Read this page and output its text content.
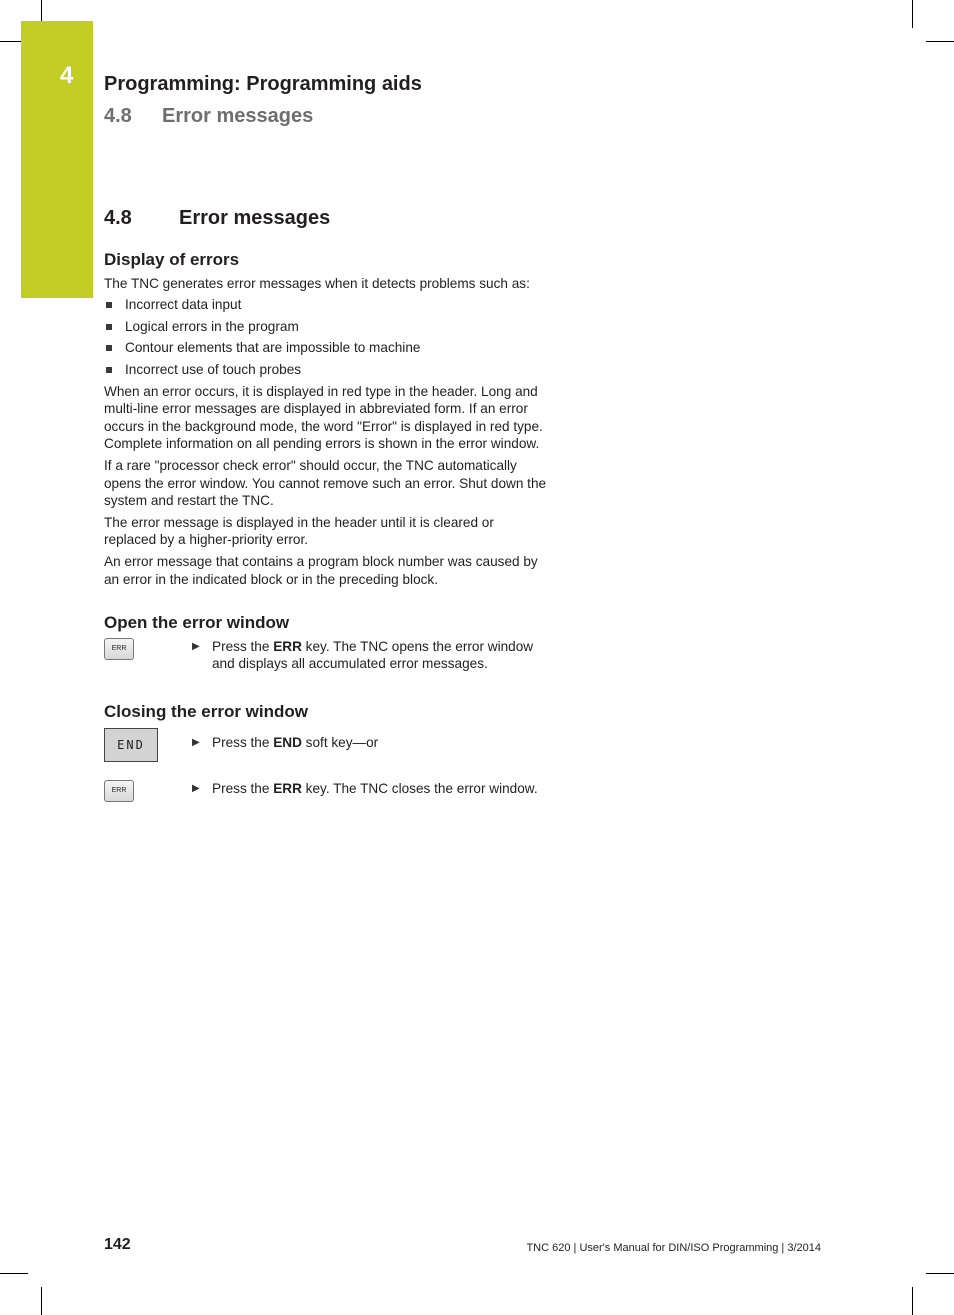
4 Programming: Programming aids
4.8 Error messages
4.8 Error messages
Display of errors

The TNC generates error messages when it detects problems such as:

Incorrect data input
Logical errors in the program
Contour elements that are impossible to machine
Incorrect use of touch probes

When an error occurs, it is displayed in red type in the header. Long and multi-line error messages are displayed in abbreviated form. If an error occurs in the background mode, the word "Error" is displayed in red type. Complete information on all pending errors is shown in the error window.

If a rare "processor check error" should occur, the TNC automatically opens the error window. You cannot remove such an error. Shut down the system and restart the TNC.

The error message is displayed in the header until it is cleared or replaced by a higher-priority error.

An error message that contains a program block number was caused by an error in the indicated block or in the preceding block.

Open the error window
ERR	▶ Press the ERR key. The TNC opens the error window and displays all accumulated error messages.
Closing the error window
END	▶ Press the END soft key—or
ERR	▶ Press the ERR key. The TNC closes the error window.
142	TNC 620 | User's Manual for DIN/ISO Programming | 3/2014
